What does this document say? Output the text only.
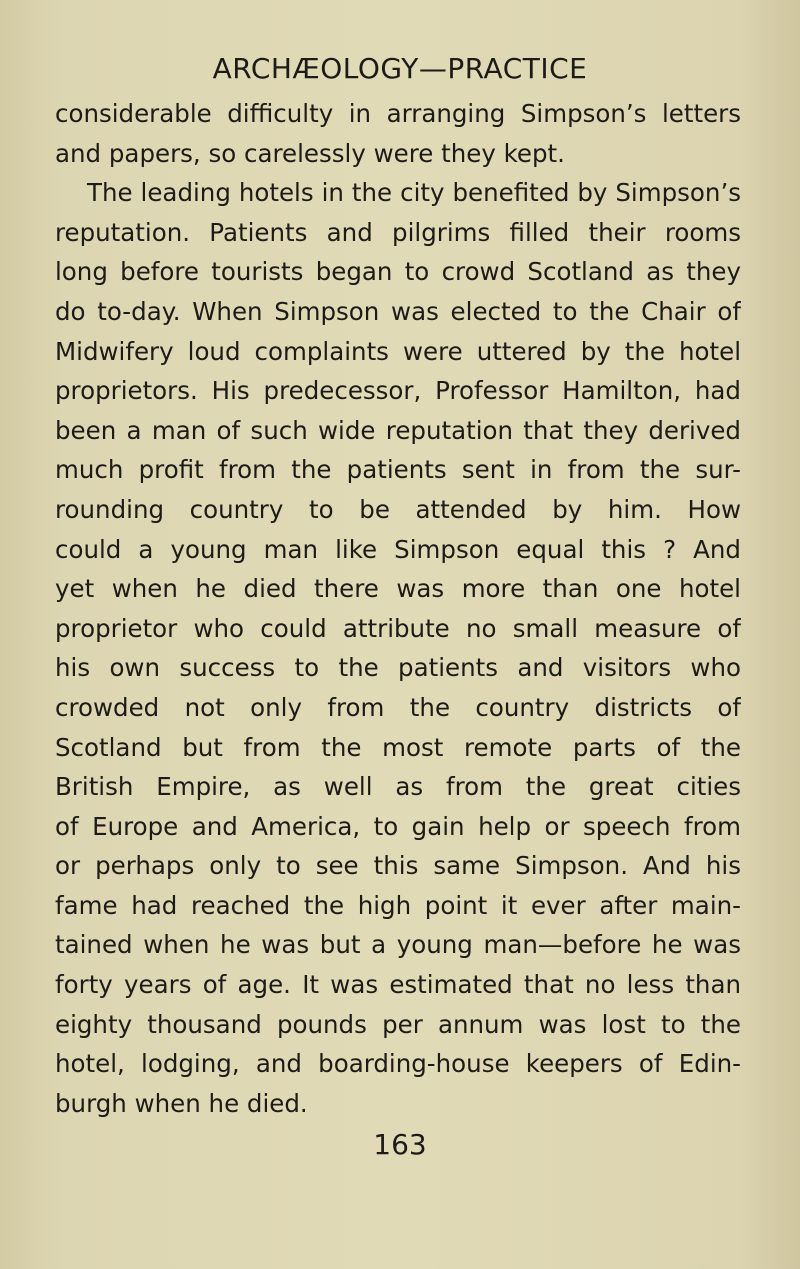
ARCHÆOLOGY—PRACTICE
considerable difficulty in arranging Simpson’s letters
and papers, so carelessly were they kept.
The leading hotels in the city benefited by Simpson’s
reputation. Patients and pilgrims filled their rooms
long before tourists began to crowd Scotland as they
do to-day. When Simpson was elected to the Chair of
Midwifery loud complaints were uttered by the hotel
proprietors. His predecessor, Professor Hamilton, had
been a man of such wide reputation that they derived
much profit from the patients sent in from the sur-
rounding country to be attended by him. How
could a young man like Simpson equal this ? And
yet when he died there was more than one hotel
proprietor who could attribute no small measure of
his own success to the patients and visitors who
crowded not only from the country districts of
Scotland but from the most remote parts of the
British Empire, as well as from the great cities
of Europe and America, to gain help or speech from
or perhaps only to see this same Simpson. And his
fame had reached the high point it ever after main-
tained when he was but a young man—before he was
forty years of age. It was estimated that no less than
eighty thousand pounds per annum was lost to the
hotel, lodging, and boarding-house keepers of Edin-
burgh when he died.
163
